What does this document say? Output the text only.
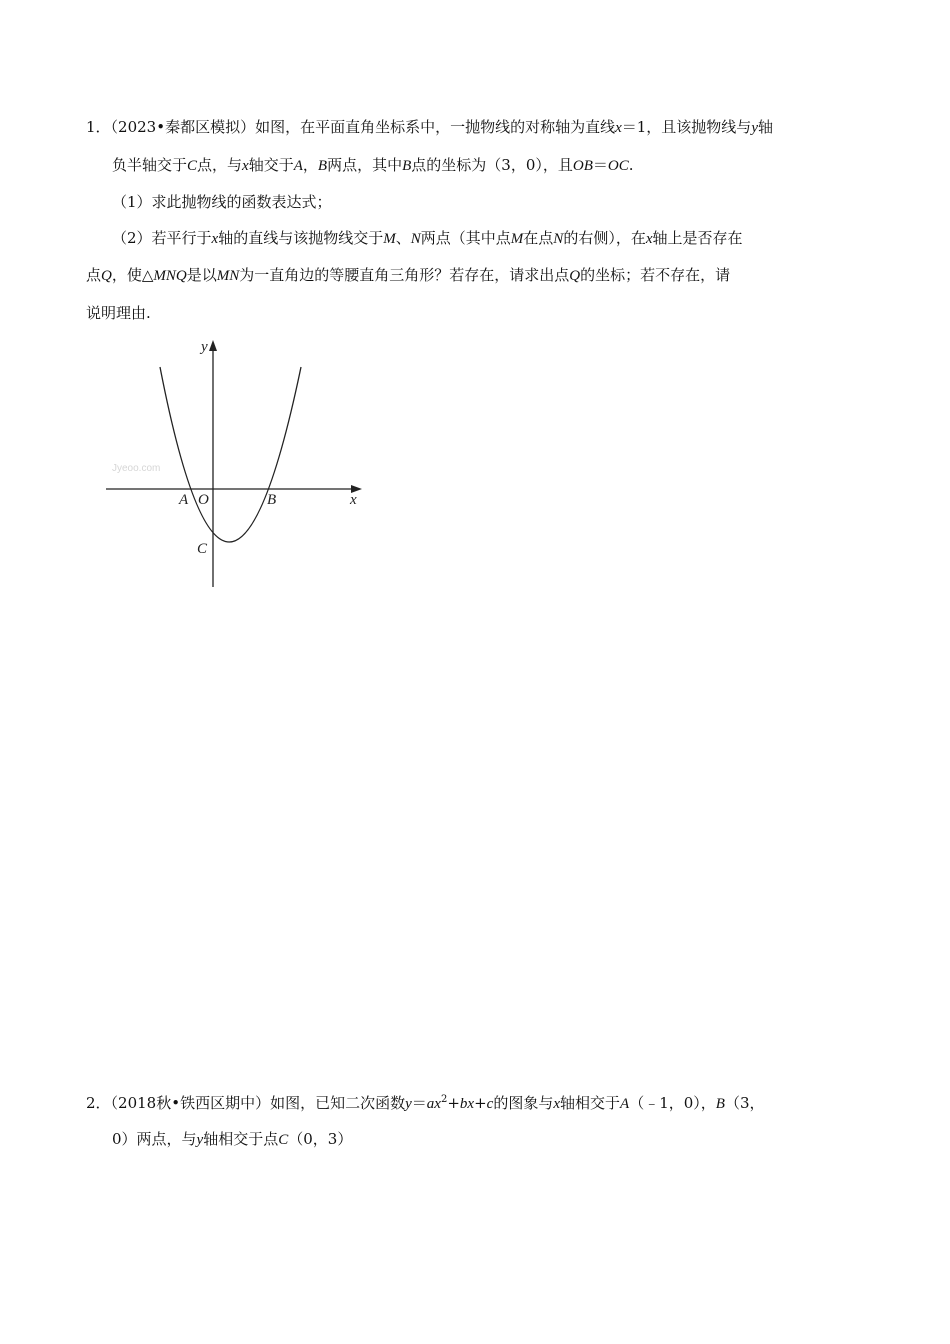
1．（2023•秦都区模拟）如图，在平面直角坐标系中，一抛物线的对称轴为直线x＝1，且该抛物线与y轴
负半轴交于C点，与x轴交于A，B两点，其中B点的坐标为（3，0），且OB＝OC.
（1）求此抛物线的函数表达式；
（2）若平行于x轴的直线与该抛物线交于M、N两点（其中点M在点N的右侧），在x轴上是否存在
点Q，使△MNQ是以MN为一直角边的等腰直角三角形？若存在，请求出点Q的坐标；若不存在，请
说明理由.
Jyeoo.com
y
x
A O	B
C
2．（2018秋•铁西区期中）如图，已知二次函数$y=ax^2+bx+c$的图象与x轴相交于A（﹣1，0），B（3，
0）两点，与y轴相交于点C（0，3）
